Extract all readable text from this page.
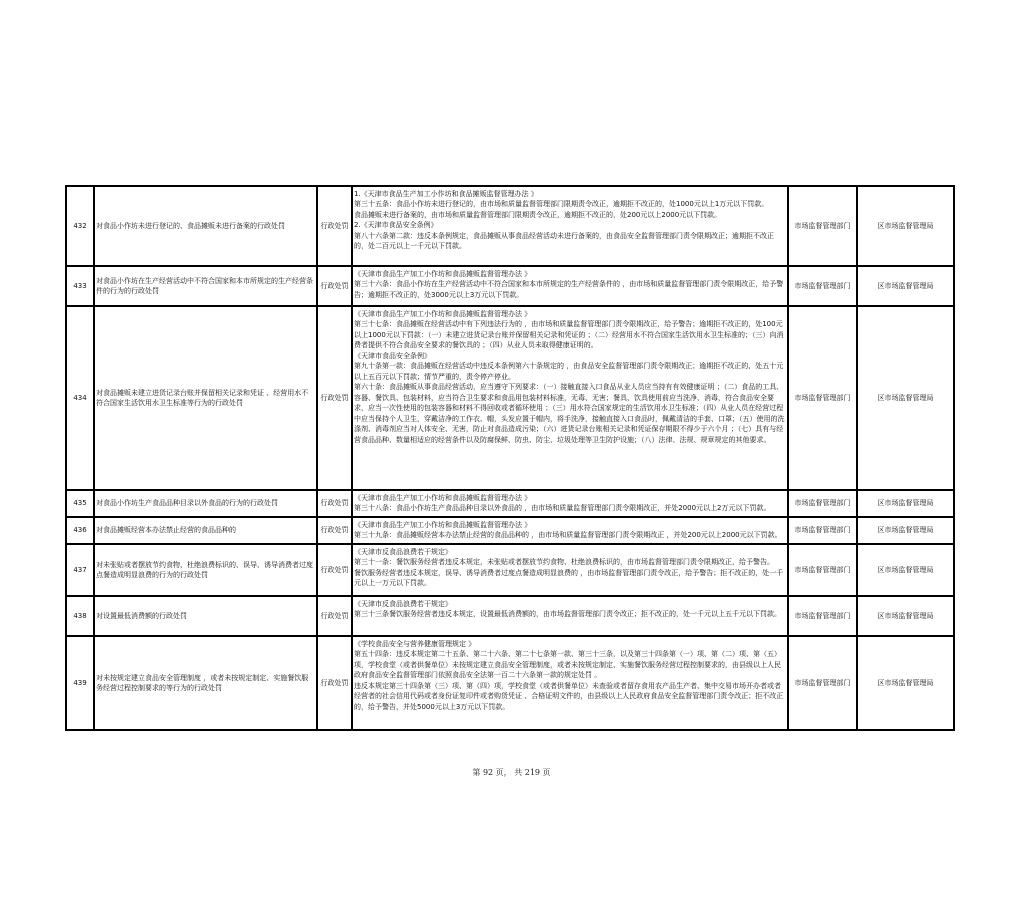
432	对食品小作坊未进行登记的、食品摊贩未进行备案的行政处罚	行政处罚	1.《天津市食品生产加工小作坊和食品摊贩监督管理办法 》
第三十五条：食品小作坊未进行登记的，由市场和质量监督管理部门限期责令改正，逾期拒不改正的，处1000元以上1万元以下罚款。
食品摊贩未进行备案的，由市场和质量监督管理部门限期责令改正，逾期拒不改正的，处200元以上2000元以下罚款。
2.《天津市食品安全条例》
第八十六条第二款：违反本条例规定，食品摊贩从事食品经营活动未进行备案的，由食品安全监督管理部门责令限期改正；逾期拒不改正的，处二百元以上一千元以下罚款。	市场监督管理部门	区市场监督管理局
433	对食品小作坊在生产经营活动中不符合国家和本市所规定的生产经营条件的行为的行政处罚	行政处罚	《天津市食品生产加工小作坊和食品摊贩监督管理办法 》
第三十六条：食品小作坊在生产经营活动中不符合国家和本市所规定的生产经营条件的 ，由市场和质量监督管理部门责令限期改正，给予警告；逾期拒不改正的，处3000元以上3万元以下罚款。	市场监督管理部门	区市场监督管理局
434	对食品摊贩未建立进货记录台账并保留相关记录和凭证 、经营用水不符合国家生活饮用水卫生标准等行为的行政处罚	行政处罚	《天津市食品生产加工小作坊和食品摊贩监督管理办法 》
第三十七条：食品摊贩在经营活动中有下列违法行为的 ，由市场和质量监督管理部门责令限期改正，给予警告；逾期拒不改正的，处100元以上1000元以下罚款：（一）未建立进货记录台账并保留相关记录和凭证的 ；（二）经营用水不符合国家生活饮用水卫生标准的；（三）向消费者提供不符合食品安全要求的餐饮具的 ；（四）从业人员未取得健康证明的。
《天津市食品安全条例》
第九十条第一款：食品摊贩在经营活动中违反本条例第六十条规定的 ，由食品安全监督管理部门责令限期改正；逾期拒不改正的，处五十元以上五百元以下罚款；情节严重的，责令停产停业。
第六十条：食品摊贩从事食品经营活动，应当遵守下列要求：（一）接触直接入口食品从业人员应当持有有效健康证明 ；（二）食品的工具、容器、餐饮具、包装材料，应当符合卫生要求和食品用包装材料标准，无毒、无害；餐具、饮具使用前应当洗净、消毒，符合食品安全要求，应当一次性使用的包装容器和材料不得回收或者循环使用 ；（三）用水符合国家规定的生活饮用水卫生标准；（四）从业人员在经营过程中应当保持个人卫生，穿戴洁净的工作衣、帽，头发应置于帽内，将手洗净，接触直接入口食品时，佩戴清洁的手套、口罩；（五）使用的洗涤剂、消毒剂应当对人体安全、无害，防止对食品造成污染；（六）进货记录台账相关记录和凭证保存期限不得少于六个月 ；（七）具有与经营食品品种、数量相适应的经营条件以及防腐保鲜、防虫、防尘、垃圾处理等卫生防护设施；（八）法律、法规、规章规定的其他要求。	市场监督管理部门	区市场监督管理局
435	对食品小作坊生产食品品种目录以外食品的行为的行政处罚	行政处罚	《天津市食品生产加工小作坊和食品摊贩监督管理办法 》
第三十八条：食品小作坊生产食品品种目录以外食品的 ，由市场和质量监督管理部门责令限期改正，并处2000元以上2万元以下罚款。	市场监督管理部门	区市场监督管理局
436	对食品摊贩经营本办法禁止经营的食品品种的	行政处罚	《天津市食品生产加工小作坊和食品摊贩监督管理办法 》
第三十九条：食品摊贩经营本办法禁止经营的食品品种的 ，由市场和质量监督管理部门责令限期改正 ，并处200元以上2000元以下罚款。	市场监督管理部门	区市场监督管理局
437	对未张贴或者摆放节约食物、杜绝浪费标识的、误导、诱导消费者过度点餐造成明显浪费的行为的行政处罚	行政处罚	《天津市反食品浪费若干规定》
第三十一条：餐饮服务经营者违反本规定，未张贴或者摆放节约食物、杜绝浪费标识的，由市场监督管理部门责令限期改正，给予警告。
餐饮服务经营者违反本规定，误导、诱导消费者过度点餐造成明显浪费的 ，由市场监督管理部门责令改正，给予警告；拒不改正的，处一千元以上一万元以下罚款。	市场监督管理部门	区市场监督管理局
438	对设置最低消费额的行政处罚	行政处罚	《天津市反食品浪费若干规定》
第三十三条餐饮服务经营者违反本规定，设置最低消费额的，由市场监督管理部门责令改正；拒不改正的，处一千元以上五千元以下罚款。	市场监督管理部门	区市场监督管理局
439	对未按规定建立食品安全管理制度 ，或者未按规定制定、实施餐饮服务经营过程控制要求的等行为的行政处罚	行政处罚	《学校食品安全与营养健康管理规定 》
第五十四条：违反本规定第二十五条、第二十六条、第二十七条第一款、第三十三条，以及第三十四条第（一）项、第（二）项、第（五）项，学校食堂（或者供餐单位）未按规定建立食品安全管理制度，或者未按规定制定、实施餐饮服务经营过程控制要求的，由县级以上人民政府食品安全监督管理部门依照食品安全法第一百二十六条第一款的规定处罚 。
违反本规定第三十四条第（三）项、第（四）项，学校食堂（或者供餐单位）未查验或者留存食用农产品生产者、集中交易市场开办者或者经营者的社会信用代码或者身份证复印件或者购货凭证 、合格证明文件的，由县级以上人民政府食品安全监督管理部门责令改正；拒不改正的，给予警告，并处5000元以上3万元以下罚款。	市场监督管理部门	区市场监督管理局
第 92 页， 共 219 页
